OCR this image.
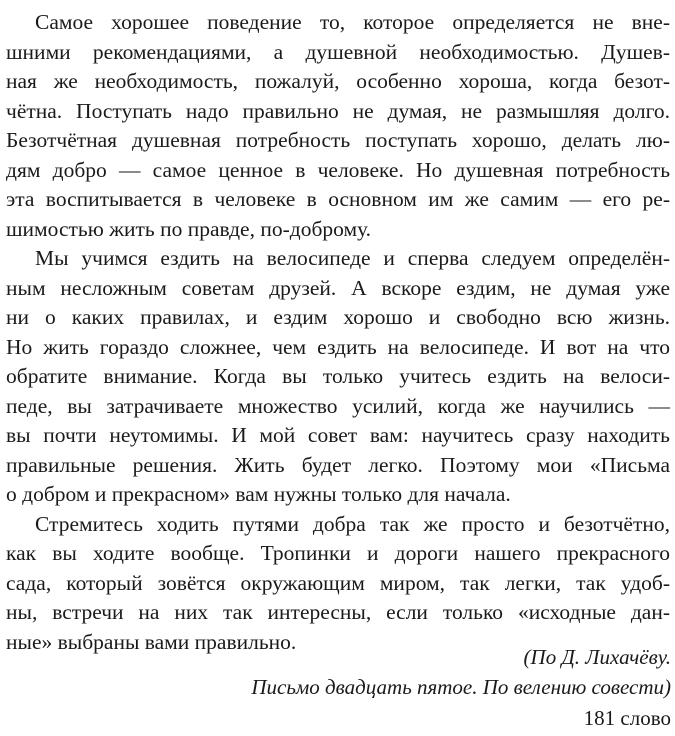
Самое хорошее поведение то, которое определяется не вне-
шними рекомендациями, а душевной необходимостью. Душев-
ная же необходимость, пожалуй, особенно хороша, когда безот-
чётна. Поступать надо правильно не думая, не размышляя долго.
Безотчётная душевная потребность поступать хорошо, делать лю-
дям добро — самое ценное в человеке. Но душевная потребность
эта воспитывается в человеке в основном им же самим — его ре-
шимостью жить по правде, по-доброму.

Мы учимся ездить на велосипеде и сперва следуем определён-
ным несложным советам друзей. А вскоре ездим, не думая уже
ни о каких правилах, и ездим хорошо и свободно всю жизнь.
Но жить гораздо сложнее, чем ездить на велосипеде. И вот на что
обратите внимание. Когда вы только учитесь ездить на велоси-
педе, вы затрачиваете множество усилий, когда же научились —
вы почти неутомимы. И мой совет вам: научитесь сразу находить
правильные решения. Жить будет легко. Поэтому мои «Письма
о добром и прекрасном» вам нужны только для начала.

Стремитесь ходить путями добра так же просто и безотчётно,
как вы ходите вообще. Тропинки и дороги нашего прекрасного
сада, который зовётся окружающим миром, так легки, так удоб-
ны, встречи на них так интересны, если только «исходные дан-
ные» выбраны вами правильно.

(По Д. Лихачёву.
Письмо двадцать пятое. По велению совести)
181 слово
